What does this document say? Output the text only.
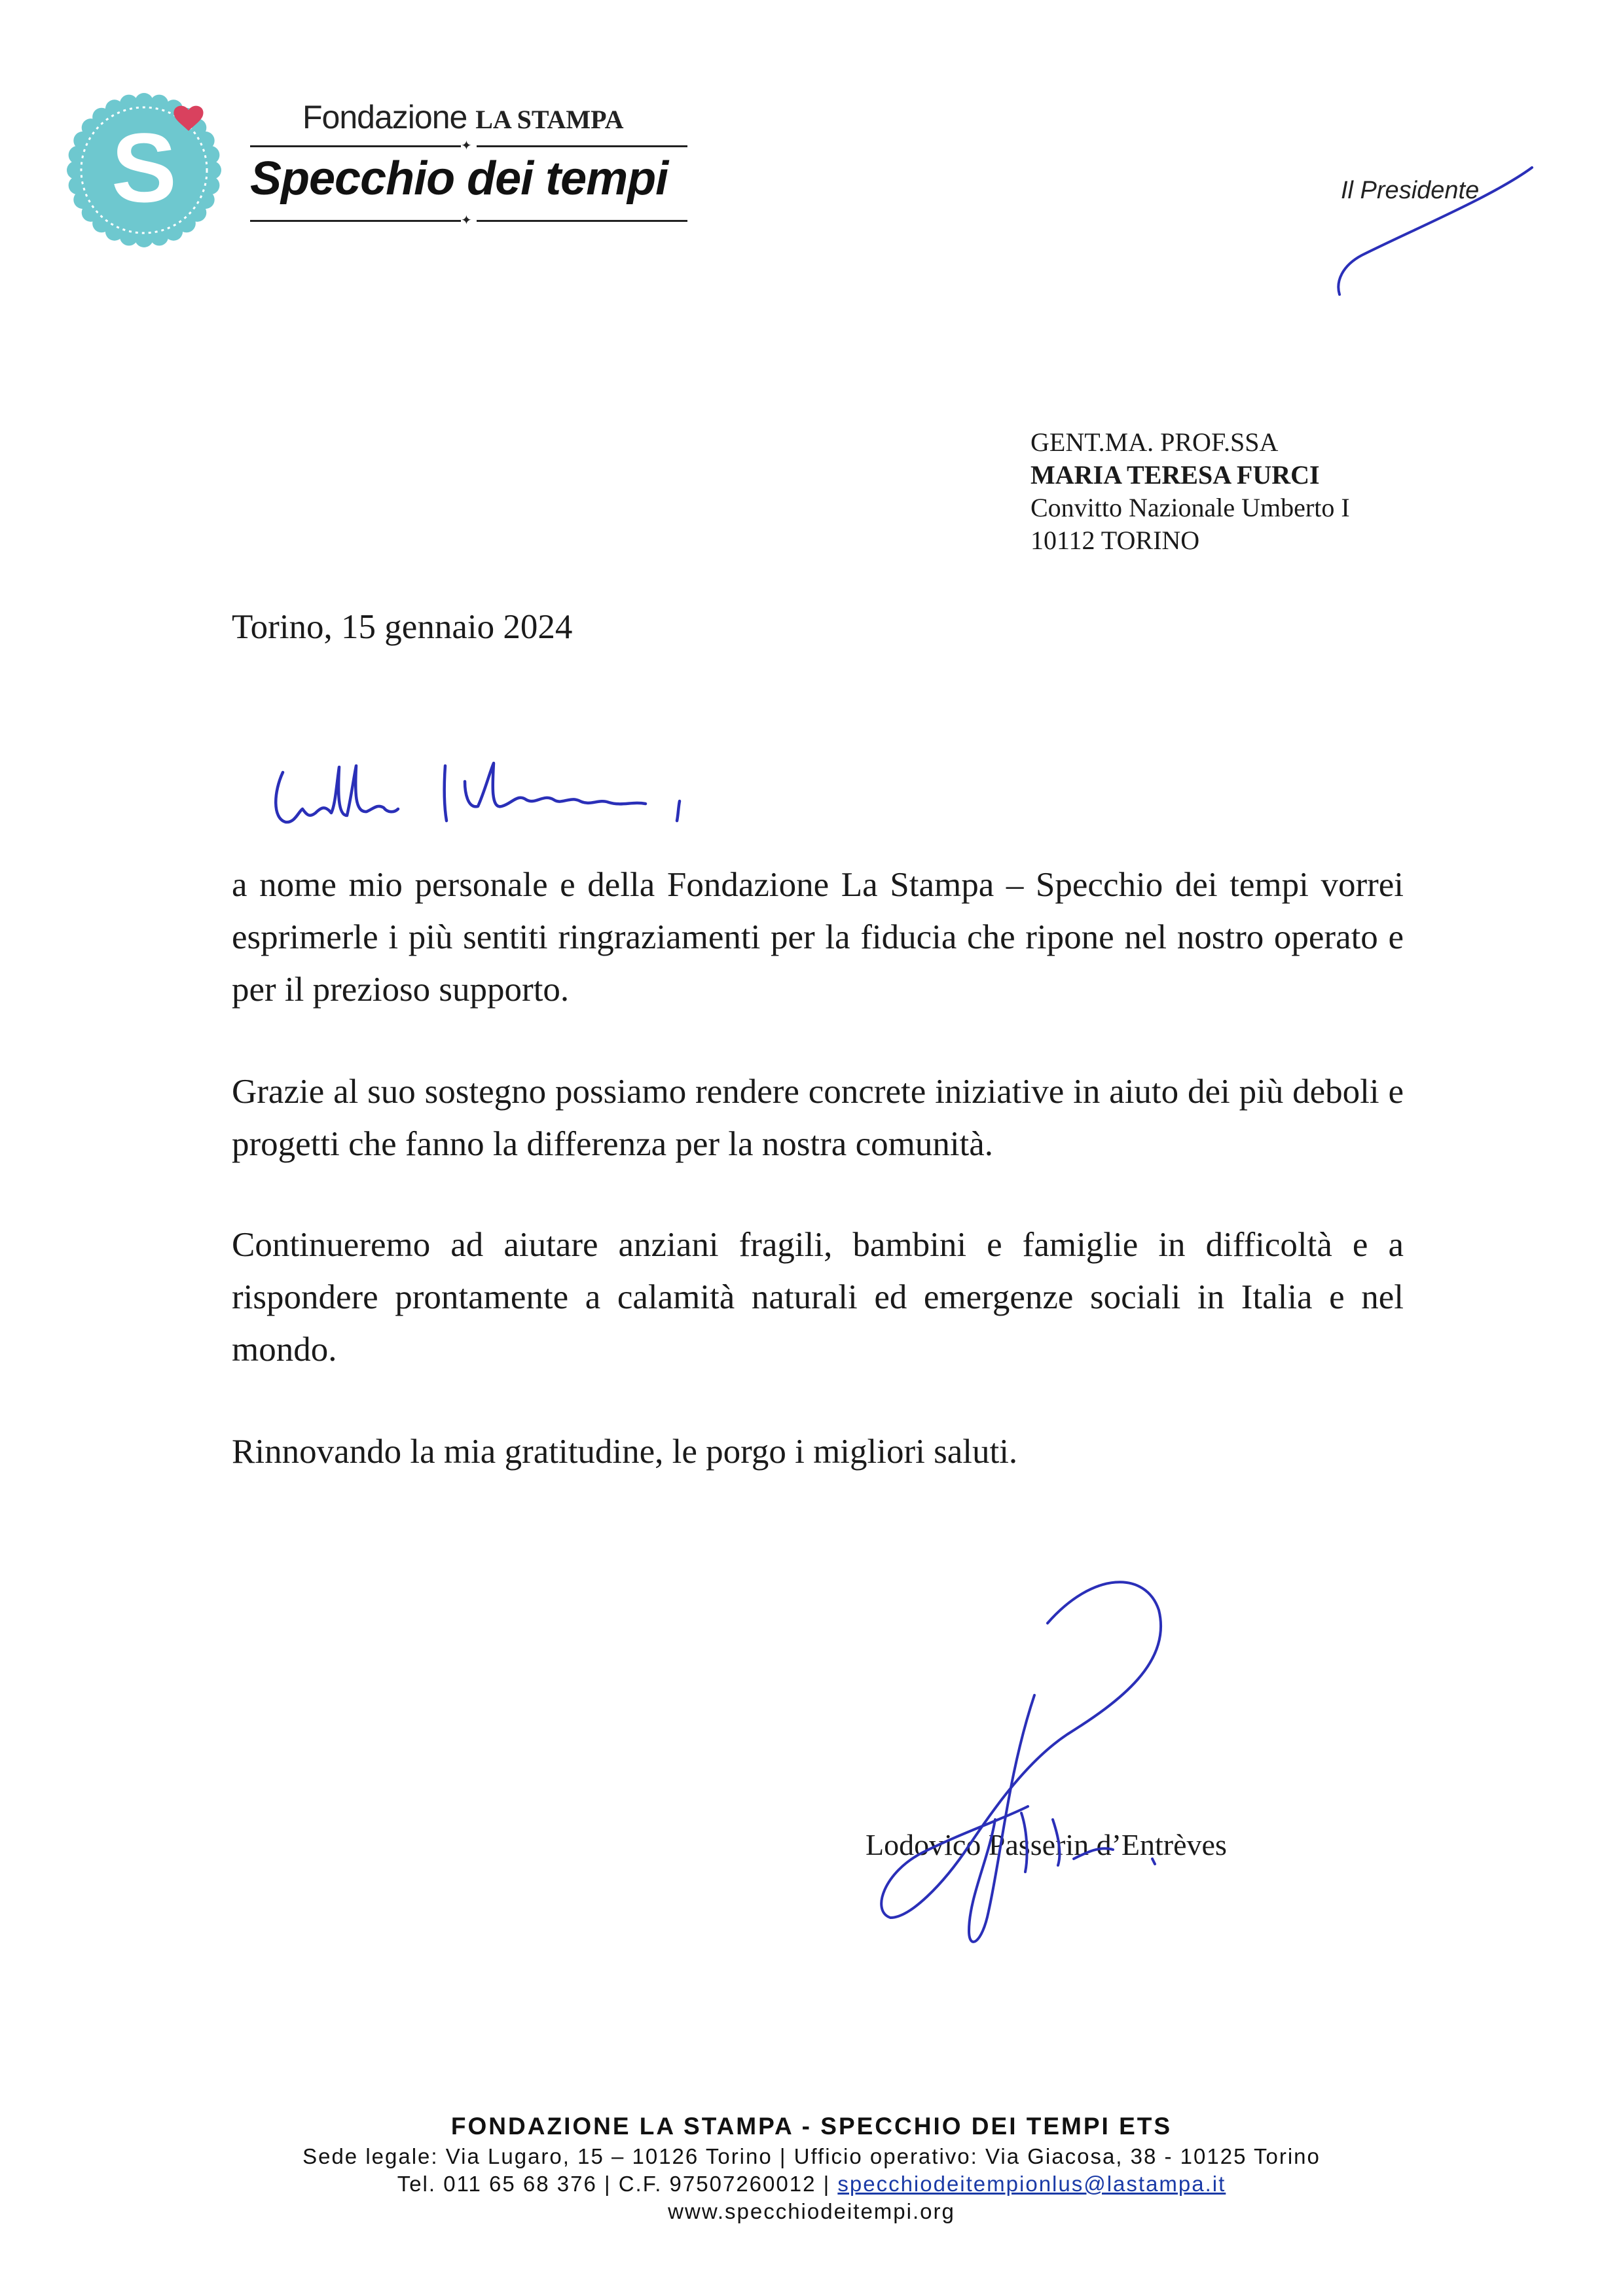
S	Fondazione LA STAMPA
✦
Specchio dei tempi
✦
Il Presidente
GENT.MA. PROF.SSA
MARIA TERESA FURCI
Convitto Nazionale Umberto I
10112 TORINO
Torino, 15 gennaio 2024
a nome mio personale e della Fondazione La Stampa – Specchio dei tempi vorrei esprimerle i più sentiti ringraziamenti per la fiducia che ripone nel nostro operato e per il prezioso supporto.
Grazie al suo sostegno possiamo rendere concrete iniziative in aiuto dei più deboli e progetti che fanno la differenza per la nostra comunità.
Continueremo ad aiutare anziani fragili, bambini e famiglie in difficoltà e a rispondere prontamente a calamità naturali ed emergenze sociali in Italia e nel mondo.
Rinnovando la mia gratitudine, le porgo i migliori saluti.
Lodovico Passerin d’Entrèves
FONDAZIONE LA STAMPA - SPECCHIO DEI TEMPI ETS
Sede legale: Via Lugaro, 15 – 10126 Torino | Ufficio operativo: Via Giacosa, 38 - 10125 Torino
Tel. 011 65 68 376 | C.F. 97507260012 | specchiodeitempionlus@lastampa.it
www.specchiodeitempi.org
